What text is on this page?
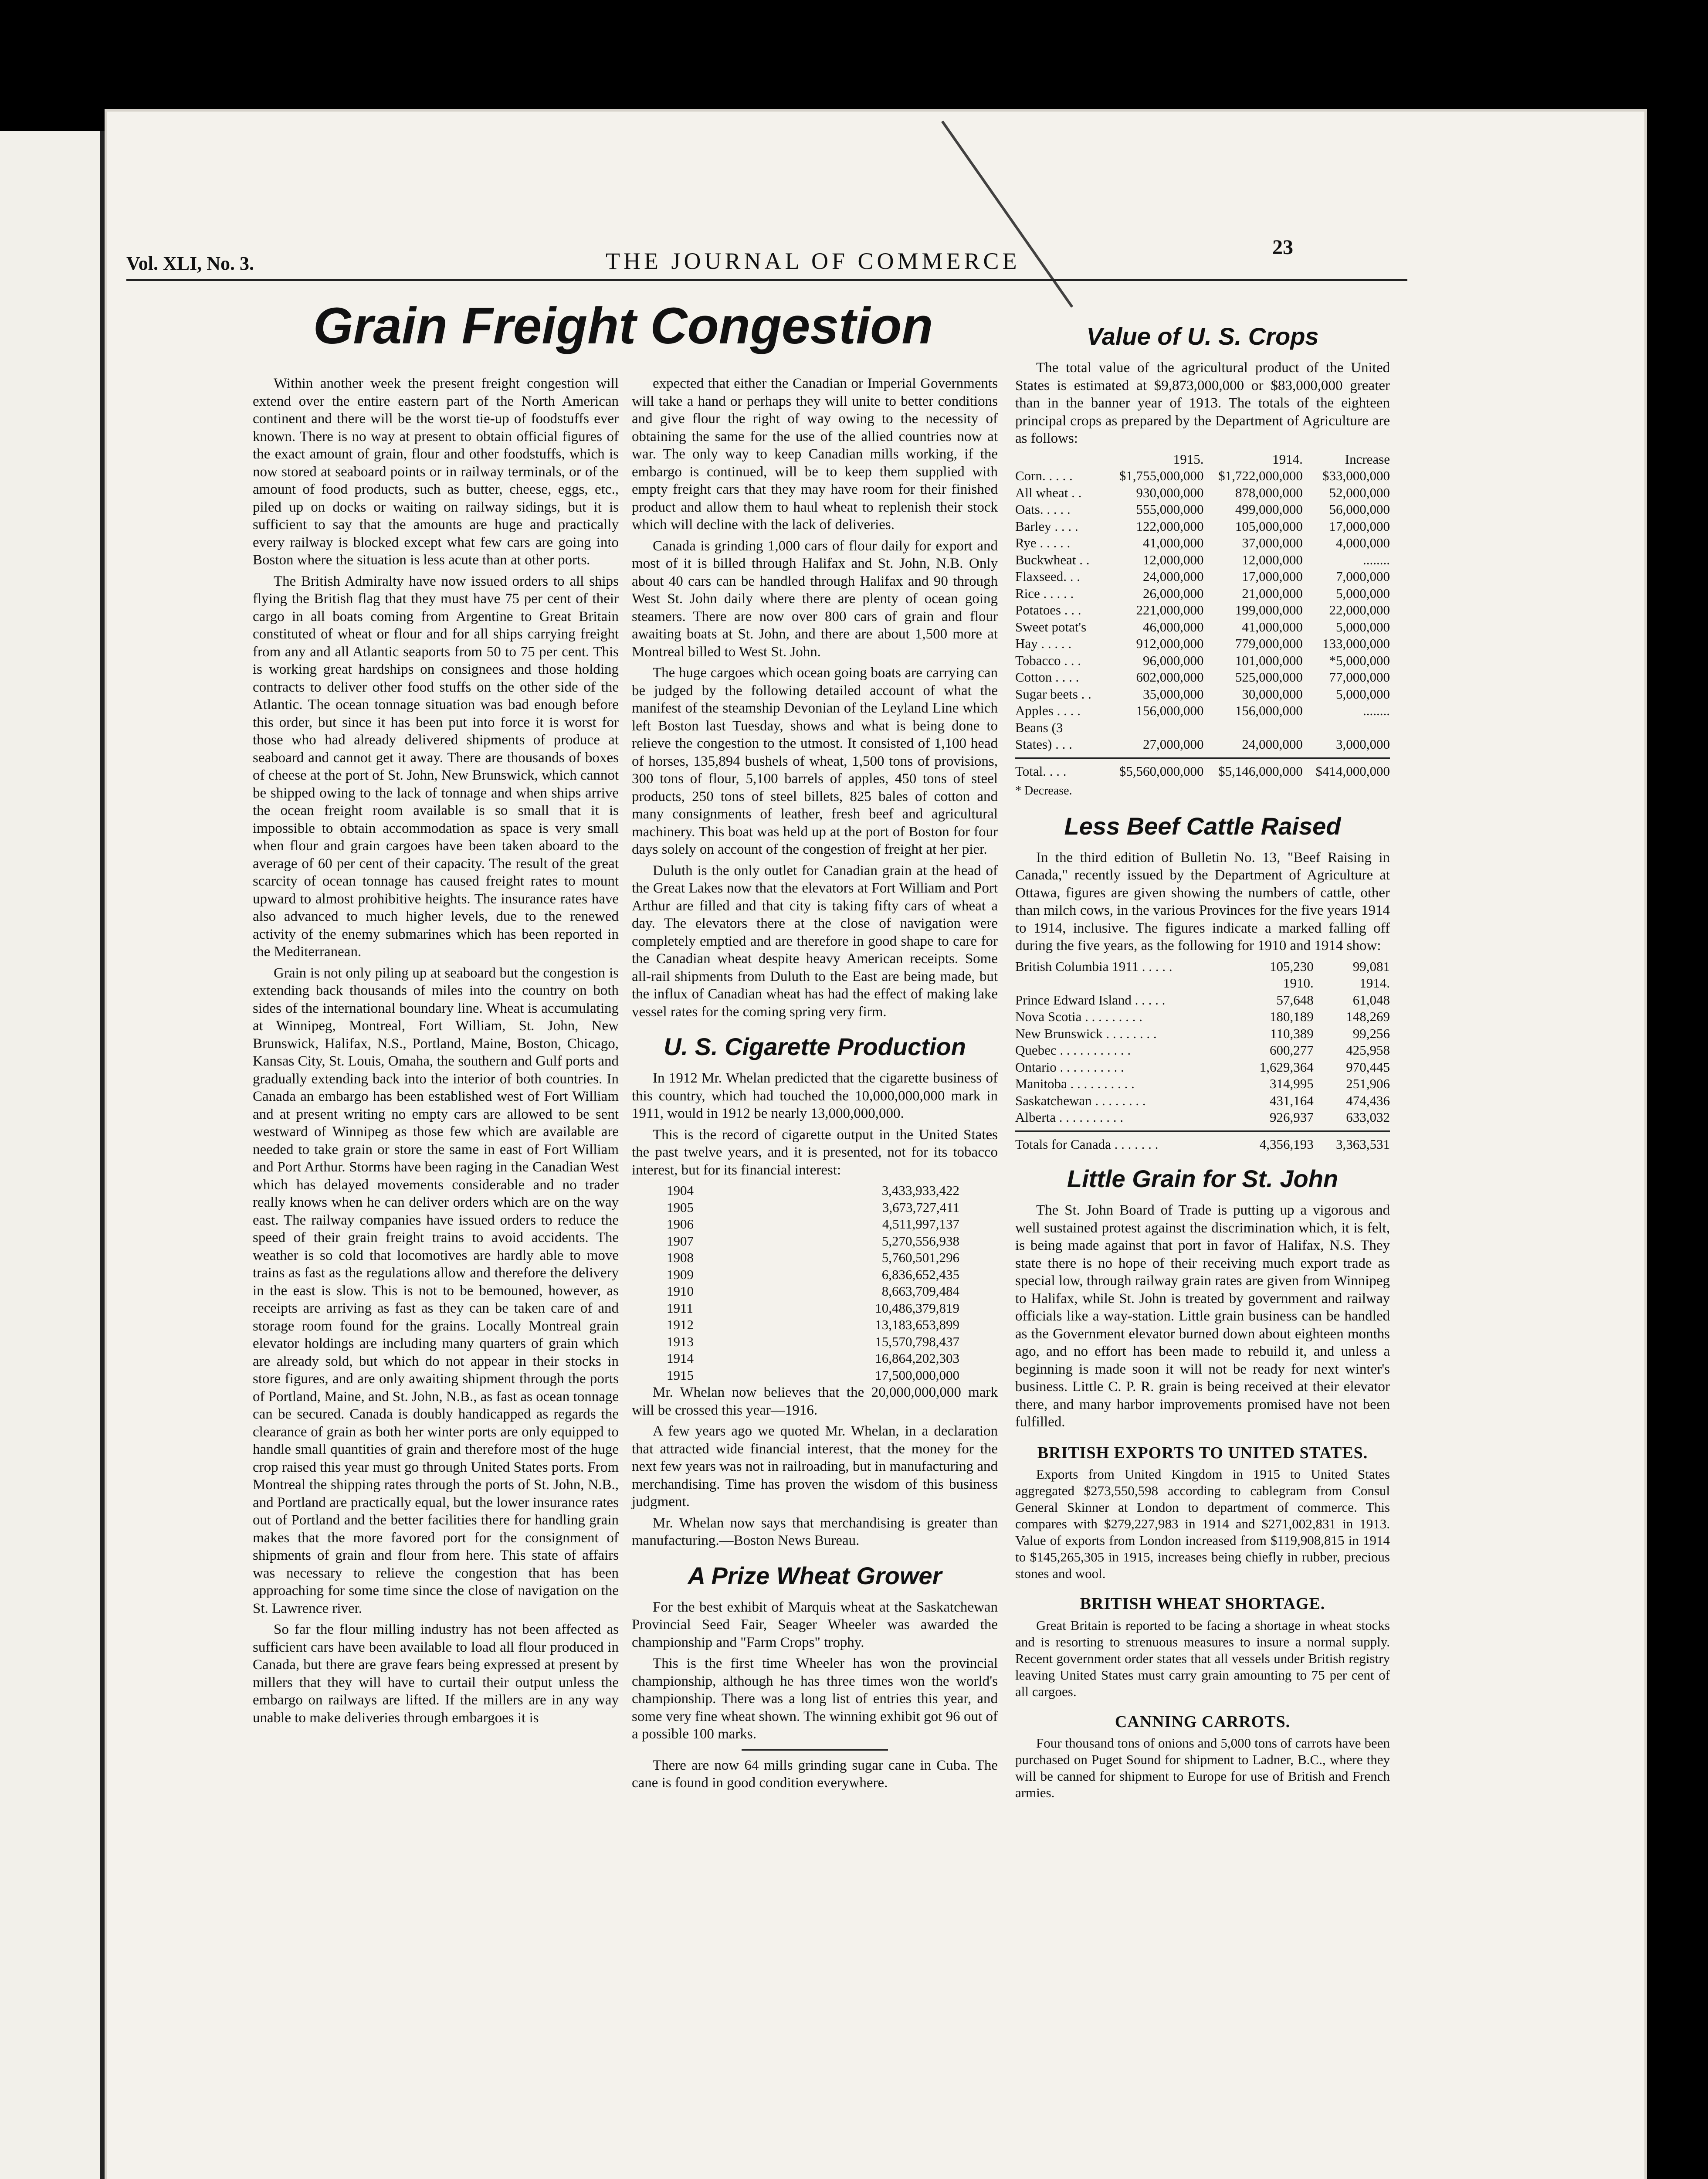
Vol. XLI, No. 3.	THE JOURNAL OF COMMERCE
23
Grain Freight Congestion

Within another week the present freight congestion will extend over the entire eastern part of the North American continent and there will be the worst tie-up of foodstuffs ever known. There is no way at present to obtain official figures of the exact amount of grain, flour and other foodstuffs, which is now stored at seaboard points or in railway terminals, or of the amount of food products, such as butter, cheese, eggs, etc., piled up on docks or waiting on railway sidings, but it is sufficient to say that the amounts are huge and practically every railway is blocked except what few cars are going into Boston where the situation is less acute than at other ports.

The British Admiralty have now issued orders to all ships flying the British flag that they must have 75 per cent of their cargo in all boats coming from Argentine to Great Britain constituted of wheat or flour and for all ships carrying freight from any and all Atlantic seaports from 50 to 75 per cent. This is working great hardships on consignees and those holding contracts to deliver other food stuffs on the other side of the Atlantic. The ocean tonnage situation was bad enough before this order, but since it has been put into force it is worst for those who had already delivered shipments of produce at seaboard and cannot get it away. There are thousands of boxes of cheese at the port of St. John, New Brunswick, which cannot be shipped owing to the lack of tonnage and when ships arrive the ocean freight room available is so small that it is impossible to obtain accommodation as space is very small when flour and grain cargoes have been taken aboard to the average of 60 per cent of their capacity. The result of the great scarcity of ocean tonnage has caused freight rates to mount upward to almost prohibitive heights. The insurance rates have also advanced to much higher levels, due to the renewed activity of the enemy submarines which has been reported in the Mediterranean.

Grain is not only piling up at seaboard but the congestion is extending back thousands of miles into the country on both sides of the international boundary line. Wheat is accumulating at Winnipeg, Montreal, Fort William, St. John, New Brunswick, Halifax, N.S., Portland, Maine, Boston, Chicago, Kansas City, St. Louis, Omaha, the southern and Gulf ports and gradually extending back into the interior of both countries. In Canada an embargo has been established west of Fort William and at present writing no empty cars are allowed to be sent westward of Winnipeg as those few which are available are needed to take grain or store the same in east of Fort William and Port Arthur. Storms have been raging in the Canadian West which has delayed movements considerable and no trader really knows when he can deliver orders which are on the way east. The railway companies have issued orders to reduce the speed of their grain freight trains to avoid accidents. The weather is so cold that locomotives are hardly able to move trains as fast as the regulations allow and therefore the delivery in the east is slow. This is not to be bemouned, however, as receipts are arriving as fast as they can be taken care of and storage room found for the grains. Locally Montreal grain elevator holdings are including many quarters of grain which are already sold, but which do not appear in their stocks in store figures, and are only awaiting shipment through the ports of Portland, Maine, and St. John, N.B., as fast as ocean tonnage can be secured. Canada is doubly handicapped as regards the clearance of grain as both her winter ports are only equipped to handle small quantities of grain and therefore most of the huge crop raised this year must go through United States ports. From Montreal the shipping rates through the ports of St. John, N.B., and Portland are practically equal, but the lower insurance rates out of Portland and the better facilities there for handling grain makes that the more favored port for the consignment of shipments of grain and flour from here. This state of affairs was necessary to relieve the congestion that has been approaching for some time since the close of navigation on the St. Lawrence river.

So far the flour milling industry has not been affected as sufficient cars have been available to load all flour produced in Canada, but there are grave fears being expressed at present by millers that they will have to curtail their output unless the embargo on railways are lifted. If the millers are in any way unable to make deliveries through embargoes it is

expected that either the Canadian or Imperial Governments will take a hand or perhaps they will unite to better conditions and give flour the right of way owing to the necessity of obtaining the same for the use of the allied countries now at war. The only way to keep Canadian mills working, if the embargo is continued, will be to keep them supplied with empty freight cars that they may have room for their finished product and allow them to haul wheat to replenish their stock which will decline with the lack of deliveries.

Canada is grinding 1,000 cars of flour daily for export and most of it is billed through Halifax and St. John, N.B. Only about 40 cars can be handled through Halifax and 90 through West St. John daily where there are plenty of ocean going steamers. There are now over 800 cars of grain and flour awaiting boats at St. John, and there are about 1,500 more at Montreal billed to West St. John.

The huge cargoes which ocean going boats are carrying can be judged by the following detailed account of what the manifest of the steamship Devonian of the Leyland Line which left Boston last Tuesday, shows and what is being done to relieve the congestion to the utmost. It consisted of 1,100 head of horses, 135,894 bushels of wheat, 1,500 tons of provisions, 300 tons of flour, 5,100 barrels of apples, 450 tons of steel products, 250 tons of steel billets, 825 bales of cotton and many consignments of leather, fresh beef and agricultural machinery. This boat was held up at the port of Boston for four days solely on account of the congestion of freight at her pier.

Duluth is the only outlet for Canadian grain at the head of the Great Lakes now that the elevators at Fort William and Port Arthur are filled and that city is taking fifty cars of wheat a day. The elevators there at the close of navigation were completely emptied and are therefore in good shape to care for the Canadian wheat despite heavy American receipts. Some all-rail shipments from Duluth to the East are being made, but the influx of Canadian wheat has had the effect of making lake vessel rates for the coming spring very firm.

U. S. Cigarette Production

In 1912 Mr. Whelan predicted that the cigarette business of this country, which had touched the 10,000,000,000 mark in 1911, would in 1912 be nearly 13,000,000,000.

This is the record of cigarette output in the United States the past twelve years, and it is presented, not for its tobacco interest, but for its financial interest:

1904	3,433,933,422
1905	3,673,727,411
1906	4,511,997,137
1907	5,270,556,938
1908	5,760,501,296
1909	6,836,652,435
1910	8,663,709,484
1911	10,486,379,819
1912	13,183,653,899
1913	15,570,798,437
1914	16,864,202,303
1915	17,500,000,000

Mr. Whelan now believes that the 20,000,000,000 mark will be crossed this year—1916.

A few years ago we quoted Mr. Whelan, in a declaration that attracted wide financial interest, that the money for the next few years was not in railroading, but in manufacturing and merchandising. Time has proven the wisdom of this business judgment.

Mr. Whelan now says that merchandising is greater than manufacturing.—Boston News Bureau.

A Prize Wheat Grower

For the best exhibit of Marquis wheat at the Saskatchewan Provincial Seed Fair, Seager Wheeler was awarded the championship and "Farm Crops" trophy.

This is the first time Wheeler has won the provincial championship, although he has three times won the world's championship. There was a long list of entries this year, and some very fine wheat shown. The winning exhibit got 96 out of a possible 100 marks.

There are now 64 mills grinding sugar cane in Cuba. The cane is found in good condition everywhere.

Value of U. S. Crops

The total value of the agricultural product of the United States is estimated at $9,873,000,000 or $83,000,000 greater than in the banner year of 1913. The totals of the eighteen principal crops as prepared by the Department of Agriculture are as follows:

	1915.	1914.	Increase
Corn. . . . .	$1,755,000,000	$1,722,000,000	$33,000,000
All wheat . .	930,000,000	878,000,000	52,000,000
Oats. . . . .	555,000,000	499,000,000	56,000,000
Barley . . . .	122,000,000	105,000,000	17,000,000
Rye . . . . .	41,000,000	37,000,000	4,000,000
Buckwheat . .	12,000,000	12,000,000	........
Flaxseed. . .	24,000,000	17,000,000	7,000,000
Rice . . . . .	26,000,000	21,000,000	5,000,000
Potatoes . . .	221,000,000	199,000,000	22,000,000
Sweet potat's	46,000,000	41,000,000	5,000,000
Hay . . . . .	912,000,000	779,000,000	133,000,000
Tobacco . . .	96,000,000	101,000,000	*5,000,000
Cotton . . . .	602,000,000	525,000,000	77,000,000
Sugar beets . .	35,000,000	30,000,000	5,000,000
Apples . . . .	156,000,000	156,000,000	........
Beans (3			
States) . . .	27,000,000	24,000,000	3,000,000

Total. . . .	$5,560,000,000	$5,146,000,000	$414,000,000
* Decrease.
Less Beef Cattle Raised

In the third edition of Bulletin No. 13, "Beef Raising in Canada," recently issued by the Department of Agriculture at Ottawa, figures are given showing the numbers of cattle, other than milch cows, in the various Provinces for the five years 1914 to 1914, inclusive. The figures indicate a marked falling off during the five years, as the following for 1910 and 1914 show:

British Columbia 1911 . . . . .	105,230	99,081
	1910.	1914.
Prince Edward Island . . . . .	57,648	61,048
Nova Scotia . . . . . . . . .	180,189	148,269
New Brunswick . . . . . . . .	110,389	99,256
Quebec . . . . . . . . . . .	600,277	425,958
Ontario . . . . . . . . . .	1,629,364	970,445
Manitoba . . . . . . . . . .	314,995	251,906
Saskatchewan . . . . . . . .	431,164	474,436
Alberta . . . . . . . . . .	926,937	633,032

Totals for Canada . . . . . . .	4,356,193	3,363,531
Little Grain for St. John

The St. John Board of Trade is putting up a vigorous and well sustained protest against the discrimination which, it is felt, is being made against that port in favor of Halifax, N.S. They state there is no hope of their receiving much export trade as special low, through railway grain rates are given from Winnipeg to Halifax, while St. John is treated by government and railway officials like a way-station. Little grain business can be handled as the Government elevator burned down about eighteen months ago, and no effort has been made to rebuild it, and unless a beginning is made soon it will not be ready for next winter's business. Little C. P. R. grain is being received at their elevator there, and many harbor improvements promised have not been fulfilled.

BRITISH EXPORTS TO UNITED STATES.

Exports from United Kingdom in 1915 to United States aggregated $273,550,598 according to cablegram from Consul General Skinner at London to department of commerce. This compares with $279,227,983 in 1914 and $271,002,831 in 1913. Value of exports from London increased from $119,908,815 in 1914 to $145,265,305 in 1915, increases being chiefly in rubber, precious stones and wool.

BRITISH WHEAT SHORTAGE.

Great Britain is reported to be facing a shortage in wheat stocks and is resorting to strenuous measures to insure a normal supply. Recent government order states that all vessels under British registry leaving United States must carry grain amounting to 75 per cent of all cargoes.

CANNING CARROTS.

Four thousand tons of onions and 5,000 tons of carrots have been purchased on Puget Sound for shipment to Ladner, B.C., where they will be canned for shipment to Europe for use of British and French armies.
